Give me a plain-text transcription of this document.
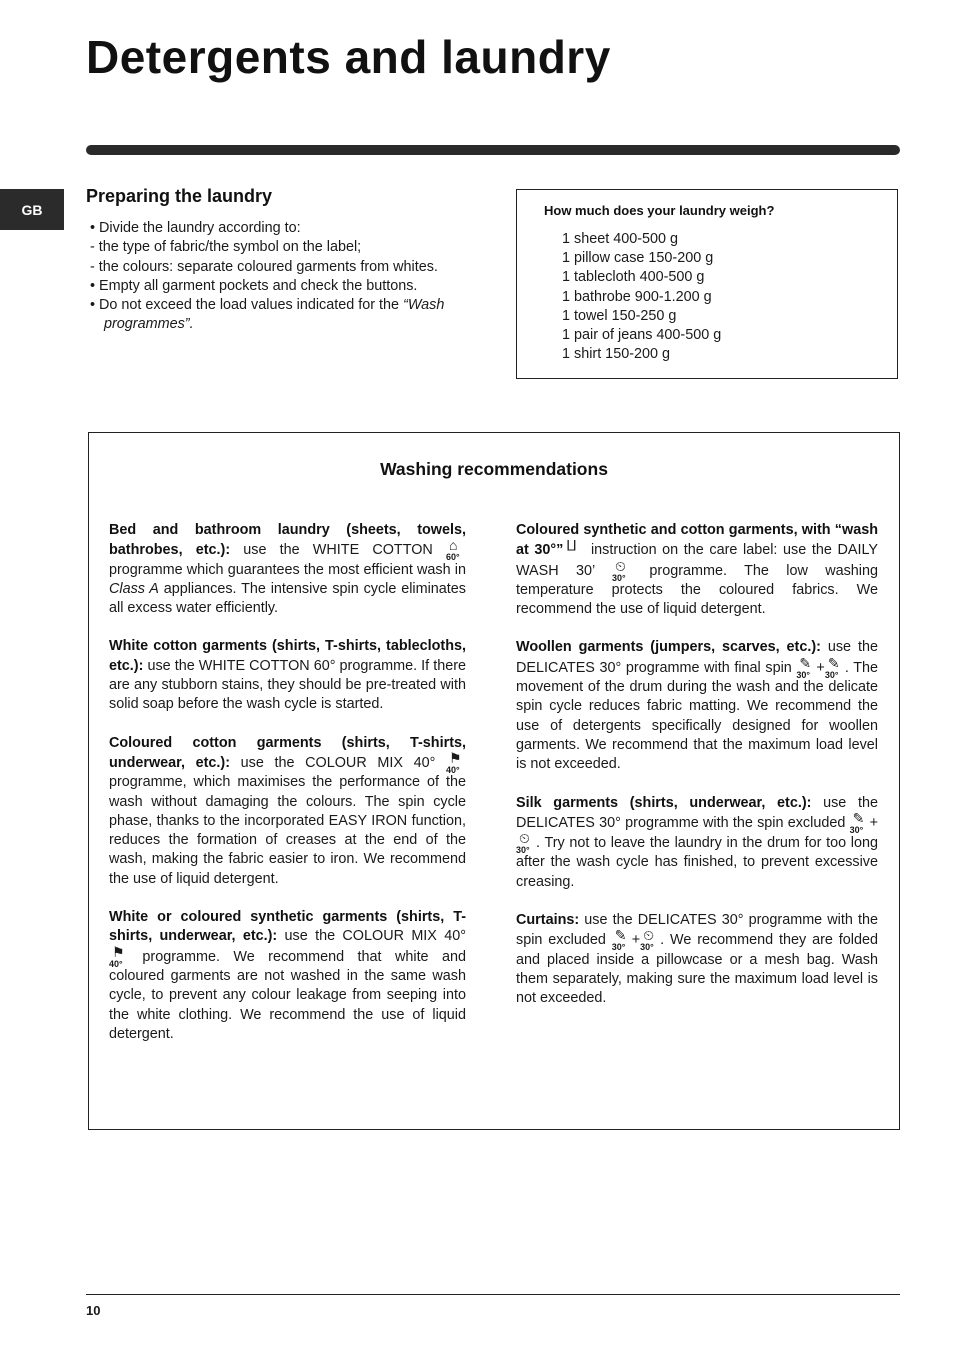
Detergents and laundry
GB
Preparing the laundry
• Divide the laundry according to:
- the type of fabric/the symbol on the label;
- the colours: separate coloured garments from whites.
• Empty all garment pockets and check the buttons.
• Do not exceed the load values indicated for the “Wash programmes”.
How much does your laundry weigh?
1 sheet 400-500 g
1 pillow case 150-200 g
1 tablecloth 400-500 g
1 bathrobe 900-1.200 g
1 towel 150-250 g
1 pair of jeans 400-500 g
1 shirt 150-200 g
Washing recommendations

Bed and bathroom laundry (sheets, towels, bathrobes, etc.): use the WHITE COTTON ⌂
60°
programme which guarantees the most efficient wash in Class A appliances. The intensive spin cycle eliminates all excess water efficiently.

White cotton garments (shirts, T-shirts, tablecloths, etc.): use the WHITE COTTON 60° programme. If there are any stubborn stains, they should be pre-treated with solid soap before the wash cycle is started.

Coloured cotton garments (shirts, T-shirts, underwear, etc.): use the COLOUR MIX 40° ⚑
40°
programme, which maximises the performance of the wash without damaging the colours. The spin cycle phase, thanks to the incorporated EASY IRON function, reduces the formation of creases at the end of the wash, making the fabric easier to iron. We recommend the use of liquid detergent.

White or coloured synthetic garments (shirts, T-shirts, underwear, etc.): use the COLOUR MIX 40°
⚑
40° programme. We recommend that white and coloured garments are not washed in the same wash cycle, to prevent any colour leakage from seeping into the white clothing. We recommend the use of liquid detergent.

Coloured synthetic and cotton garments, with “wash at 30°” ⨿ instruction on the care label: use the DAILY WASH 30’ ⏲
30° programme. The low washing temperature protects the coloured fabrics. We recommend the use of liquid detergent.

Woollen garments (jumpers, scarves, etc.): use the DELICATES 30° programme with final spin ✎
30° + ✎
30° . The movement of the drum during the wash and the delicate spin cycle reduces fabric matting. We recommend the use of detergents specifically designed for woollen garments. We recommend that the maximum load level is not exceeded.

Silk garments (shirts, underwear, etc.): use the DELICATES 30° programme with the spin excluded ✎
30° +
⏲
30° . Try not to leave the laundry in the drum for too long after the wash cycle has finished, to prevent excessive creasing.

Curtains: use the DELICATES 30° programme with the spin excluded ✎
30° + ⏲
30° . We recommend they are folded and placed inside a pillowcase or a mesh bag. Wash them separately, making sure the maximum load level is not exceeded.

10
